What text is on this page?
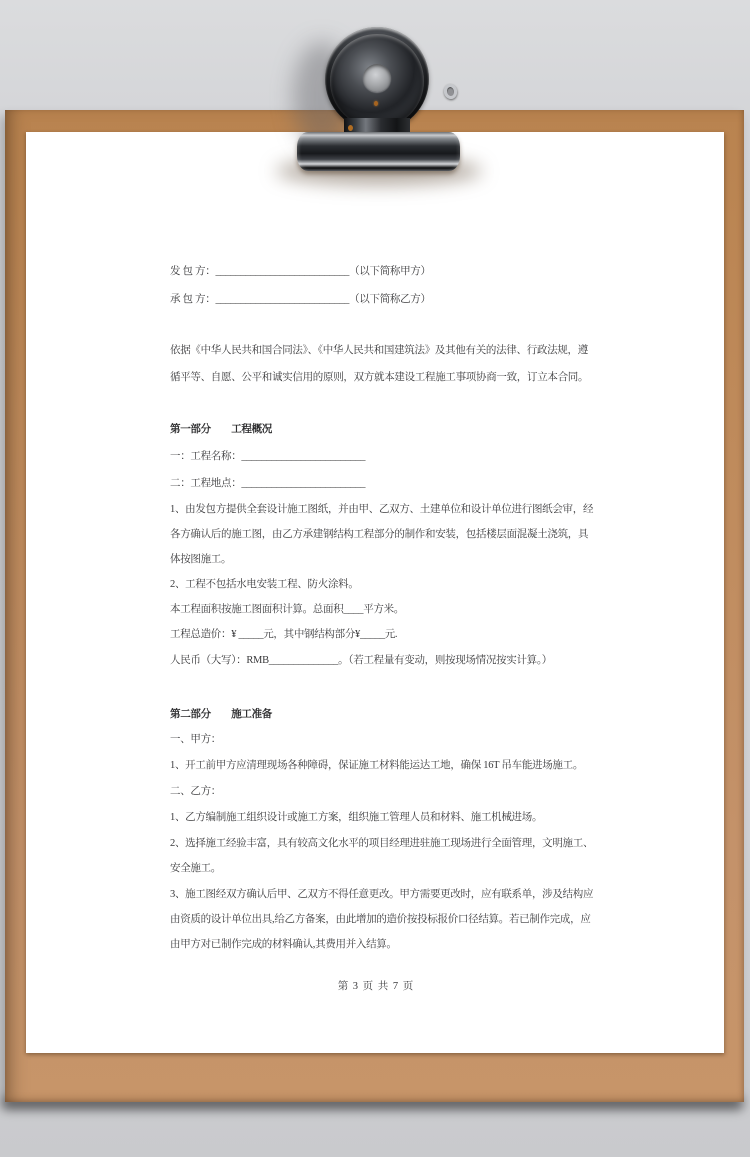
发 包 方：___________________________（以下简称甲方）
承 包 方：___________________________（以下简称乙方）
依据《中华人民共和国合同法》、《中华人民共和国建筑法》及其他有关的法律、行政法规，遵
循平等、自愿、公平和诚实信用的原则，双方就本建设工程施工事项协商一致，订立本合同。
第一部分　　工程概况
一：工程名称：_________________________
二：工程地点：_________________________
1、由发包方提供全套设计施工图纸，并由甲、乙双方、土建单位和设计单位进行图纸会审，经
各方确认后的施工图，由乙方承建钢结构工程部分的制作和安装，包括楼层面混凝土浇筑，具
体按图施工。
2、工程不包括水电安装工程、防火涂料。
本工程面积按施工图面积计算。总面积____平方米。
工程总造价：¥ _____元，其中钢结构部分¥_____元.
人民币（大写）：RMB______________。（若工程量有变动，则按现场情况按实计算。）
第二部分　　施工准备
一、甲方：
1、开工前甲方应清理现场各种障碍，保证施工材料能运达工地，确保 16T 吊车能进场施工。
二、乙方：
1、乙方编制施工组织设计或施工方案，组织施工管理人员和材料、施工机械进场。
2、选择施工经验丰富，具有较高文化水平的项目经理进驻施工现场进行全面管理，文明施工、
安全施工。
3、施工图经双方确认后甲、乙双方不得任意更改。甲方需要更改时，应有联系单，涉及结构应
由资质的设计单位出具,给乙方备案，由此增加的造价按投标报价口径结算。若已制作完成，应
由甲方对已制作完成的材料确认,其费用并入结算。
第 3 页 共 7 页
